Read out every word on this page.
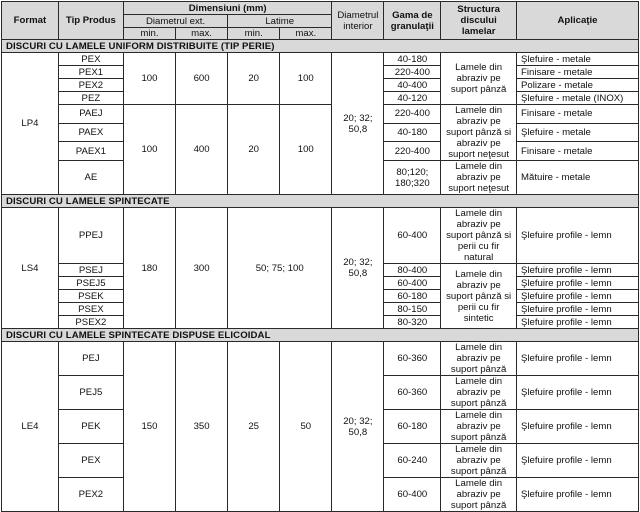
Format	Tip Produs	Dimensiuni (mm)				Diametrul interior	Gama de granulaţii	Structura discului lamelar	Aplicaţie
		Diametrul ext.		Latime					
		min.	max.	min.	max.				
DISCURI CU LAMELE UNIFORM DISTRIBUITE (TIP PERIE)									
LP4	PEX	100	600	20	100	20; 32; 50,8	40-180	Lamele din abraziv pe suport pânză	Şlefuire - metale
	PEX1						220-400		Finisare - metale
	PEX2						40-400		Polizare - metale
	PEZ						40-120		Şlefuire - metale (INOX)
	PAEJ	100	400	20	100		220-400	Lamele din abraziv pe suport pânză si abraziv pe suport neţesut	Finisare - metale
	PAEX						40-180		Şlefuire - metale
	PAEX1						220-400		Finisare - metale
	AE						80;120; 180;320	Lamele din abraziv pe suport neţesut	Mătuire - metale
DISCURI CU LAMELE SPINTECATE									
LS4	PPEJ	180	300	50; 75; 100		20; 32; 50,8	60-400	Lamele din abraziv pe suport pânză si perii cu fir natural	Şlefuire profile - lemn
	PSEJ						80-400	Lamele din abraziv pe suport pânză si perii cu fir sintetic	Şlefuire profile - lemn
	PSEJ5						60-400		Şlefuire profile - lemn
	PSEK						60-180		Şlefuire profile - lemn
	PSEX						80-150		Şlefuire profile - lemn
	PSEX2						80-320		Şlefuire profile - lemn
DISCURI CU LAMELE SPINTECATE DISPUSE ELICOIDAL									
LE4	PEJ	150	350	25	50	20; 32; 50,8	60-360	Lamele din abraziv pe suport pânză	Şlefuire profile - lemn
	PEJ5						60-360	Lamele din abraziv pe suport pânză	Şlefuire profile - lemn
	PEK						60-180	Lamele din abraziv pe suport pânză	Şlefuire profile - lemn
	PEX						60-240	Lamele din abraziv pe suport pânză	Şlefuire profile - lemn
	PEX2						60-400	Lamele din abraziv pe suport pânză	Şlefuire profile - lemn
